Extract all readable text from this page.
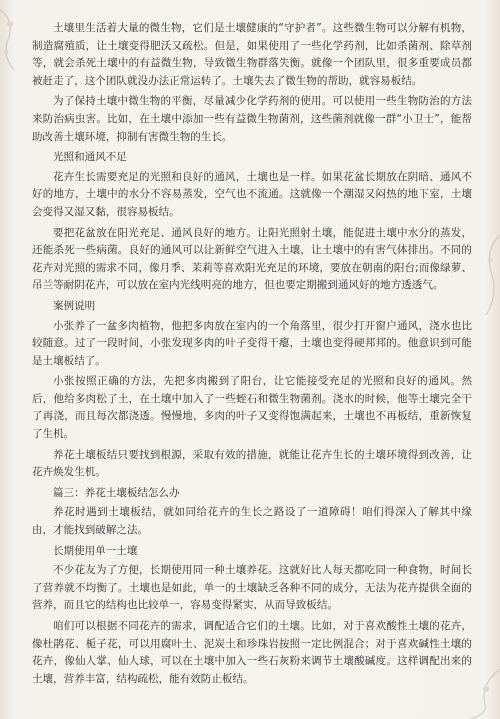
土壤里生活着大量的微生物，它们是土壤健康的“守护者”。这些微生物可以分解有机物，制造腐殖质，让土壤变得肥沃又疏松。但是，如果使用了一些化学药剂，比如杀菌剂、除草剂等，就会杀死土壤中的有益微生物，导致微生物群落失衡。就像一个团队里，很多重要成员都被赶走了，这个团队就没办法正常运转了。土壤失去了微生物的帮助，就容易板结。

为了保持土壤中微生物的平衡，尽量减少化学药剂的使用。可以使用一些生物防治的方法来防治病虫害。比如，在土壤中添加一些有益微生物菌剂，这些菌剂就像一群“小卫士”，能帮助改善土壤环境，抑制有害微生物的生长。

光照和通风不足

花卉生长需要充足的光照和良好的通风，土壤也是一样。如果花盆长期放在阴暗、通风不好的地方，土壤中的水分不容易蒸发，空气也不流通。这就像一个潮湿又闷热的地下室，土壤会变得又湿又黏，很容易板结。

要把花盆放在阳光充足、通风良好的地方。让阳光照射土壤，能促进土壤中水分的蒸发，还能杀死一些病菌。良好的通风可以让新鲜空气进入土壤，让土壤中的有害气体排出。不同的花卉对光照的需求不同，像月季、茉莉等喜欢阳光充足的环境，要放在朝南的阳台;而像绿萝、吊兰等耐阴花卉，可以放在室内光线明亮的地方，但也要定期搬到通风好的地方透透气。

案例说明

小张养了一盆多肉植物，他把多肉放在室内的一个角落里，很少打开窗户通风，浇水也比较随意。过了一段时间，小张发现多肉的叶子变得干瘪，土壤也变得硬邦邦的。他意识到可能是土壤板结了。

小张按照正确的方法，先把多肉搬到了阳台，让它能接受充足的光照和良好的通风。然后，他给多肉松了土，在土壤中加入了一些蛭石和微生物菌剂。浇水的时候，他等土壤完全干了再浇，而且每次都浇透。慢慢地，多肉的叶子又变得饱满起来，土壤也不再板结，重新恢复了生机。

养花土壤板结只要找到根源，采取有效的措施，就能让花卉生长的土壤环境得到改善，让花卉焕发生机。

篇三：养花土壤板结怎么办

养花时遇到土壤板结，就如同给花卉的生长之路设了一道障碍！咱们得深入了解其中缘由，才能找到破解之法。

长期使用单一土壤

不少花友为了方便，长期使用同一种土壤养花。这就好比人每天都吃同一种食物，时间长了营养就不均衡了。土壤也是如此，单一的土壤缺乏各种不同的成分，无法为花卉提供全面的营养，而且它的结构也比较单一，容易变得紧实，从而导致板结。

咱们可以根据不同花卉的需求，调配适合它们的土壤。比如，对于喜欢酸性土壤的花卉，像杜鹃花、栀子花，可以用腐叶土、泥炭土和珍珠岩按照一定比例混合；对于喜欢碱性土壤的花卉，像仙人掌、仙人球，可以在土壤中加入一些石灰粉来调节土壤酸碱度。这样调配出来的土壤，营养丰富，结构疏松，能有效防止板结。
